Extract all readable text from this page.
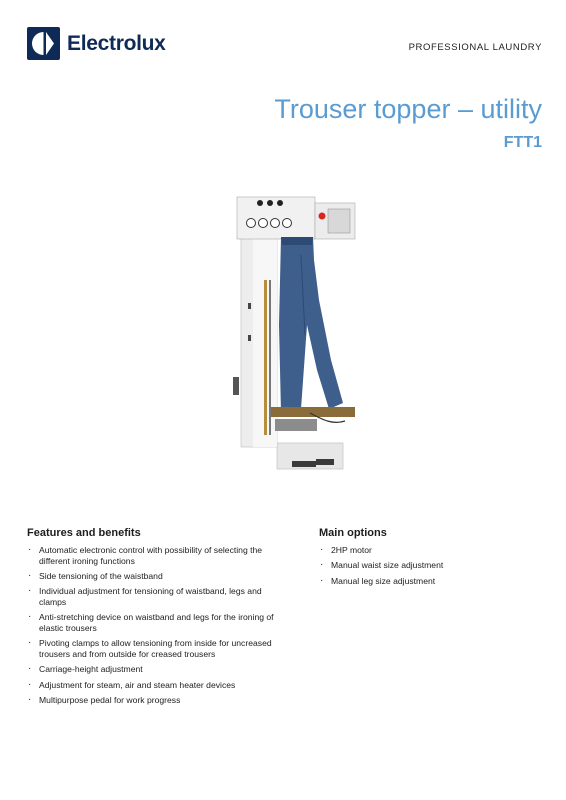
Electrolux	PROFESSIONAL LAUNDRY
Trouser topper – utility
FTT1
Features and benefits
· Automatic electronic control with possibility of selecting the different ironing functions
· Side tensioning of the waistband
· Individual adjustment for tensioning of waistband, legs and clamps
· Anti-stretching device on waistband and legs for the ironing of elastic trousers
· Pivoting clamps to allow tensioning from inside for uncreased trousers and from outside for creased trousers
· Carriage-height adjustment
· Adjustment for steam, air and steam heater devices
· Multipurpose pedal for work progress
Main options
· 2HP motor
· Manual waist size adjustment
· Manual leg size adjustment
